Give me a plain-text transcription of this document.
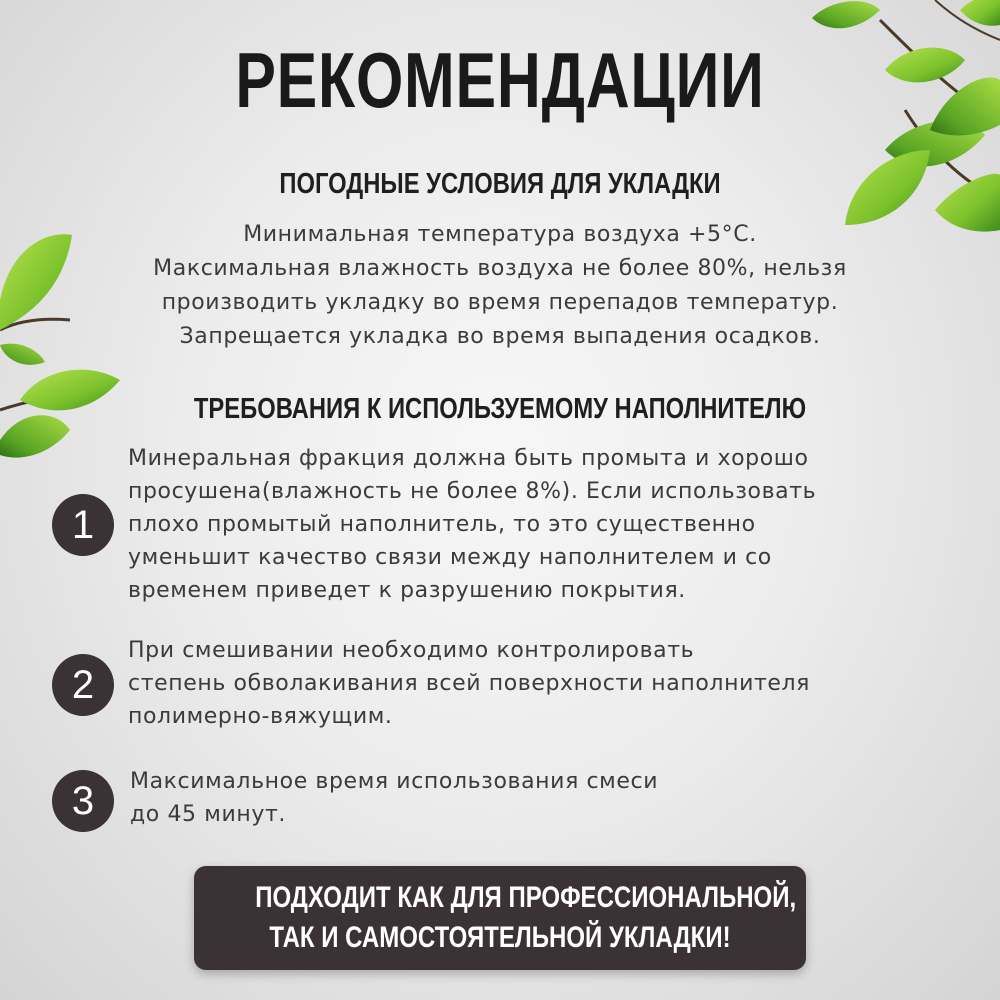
РЕКОМЕНДАЦИИ
ПОГОДНЫЕ УСЛОВИЯ ДЛЯ УКЛАДКИ
Минимальная температура воздуха +5°С.
Максимальная влажность воздуха не более 80%, нельзя
производить укладку во время перепадов температур.
Запрещается укладка во время выпадения осадков.
ТРЕБОВАНИЯ К ИСПОЛЬЗУЕМОМУ НАПОЛНИТЕЛЮ
1
Минеральная фракция должна быть промыта и хорошо
просушена(влажность не более 8%). Если использовать
плохо промытый наполнитель, то это существенно
уменьшит качество связи между наполнителем и со
временем приведет к разрушению покрытия.
2
При смешивании необходимо контролировать
степень обволакивания всей поверхности наполнителя
полимерно-вяжущим.
3	Максимальное время использования смеси
до 45 минут.
ПОДХОДИТ КАК ДЛЯ ПРОФЕССИОНАЛЬНОЙ,
ТАК И САМОСТОЯТЕЛЬНОЙ УКЛАДКИ!
